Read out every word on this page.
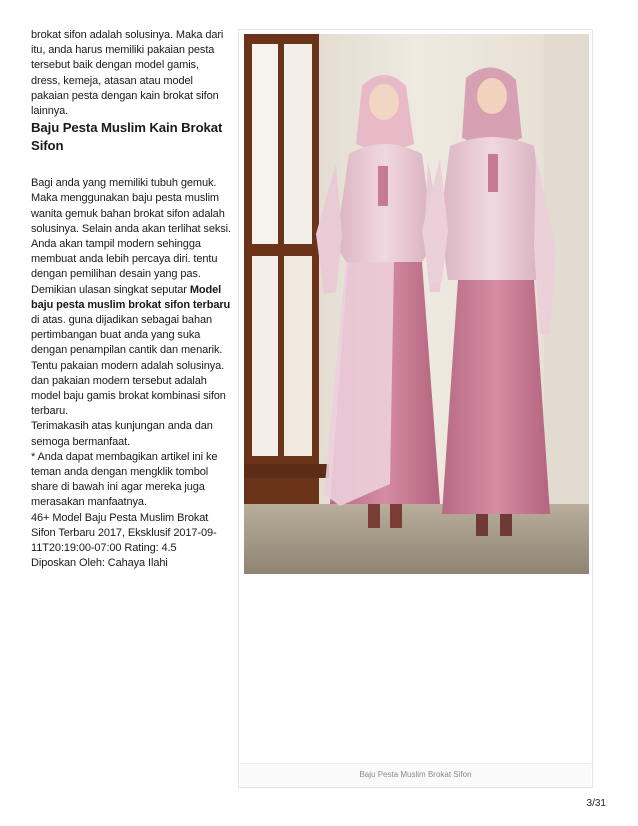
brokat sifon adalah solusinya. Maka dari itu, anda harus memiliki pakaian pesta tersebut baik dengan model gamis, dress, kemeja, atasan atau model pakaian pesta dengan kain brokat sifon lainnya.

Baju Pesta Muslim Kain Brokat Sifon

Bagi anda yang memiliki tubuh gemuk. Maka menggunakan baju pesta muslim wanita gemuk bahan brokat sifon adalah solusinya. Selain anda akan terlihat seksi. Anda akan tampil modern sehingga membuat anda lebih percaya diri. tentu dengan pemilihan desain yang pas.

Demikian ulasan singkat seputar Model baju pesta muslim brokat sifon terbaru di atas. guna dijadikan sebagai bahan pertimbangan buat anda yang suka dengan penampilan cantik dan menarik. Tentu pakaian modern adalah solusinya. dan pakaian modern tersebut adalah model baju gamis brokat kombinasi sifon terbaru.

Terimakasih atas kunjungan anda dan semoga bermanfaat.

* Anda dapat membagikan artikel ini ke teman anda dengan mengklik tombol share di bawah ini agar mereka juga merasakan manfaatnya.

46+ Model Baju Pesta Muslim Brokat Sifon Terbaru 2017, Eksklusif 2017-09-11T20:19:00-07:00 Rating: 4.5

Diposkan Oleh: Cahaya Ilahi

Baju Pesta Muslim Brokat Sifon
3/31
